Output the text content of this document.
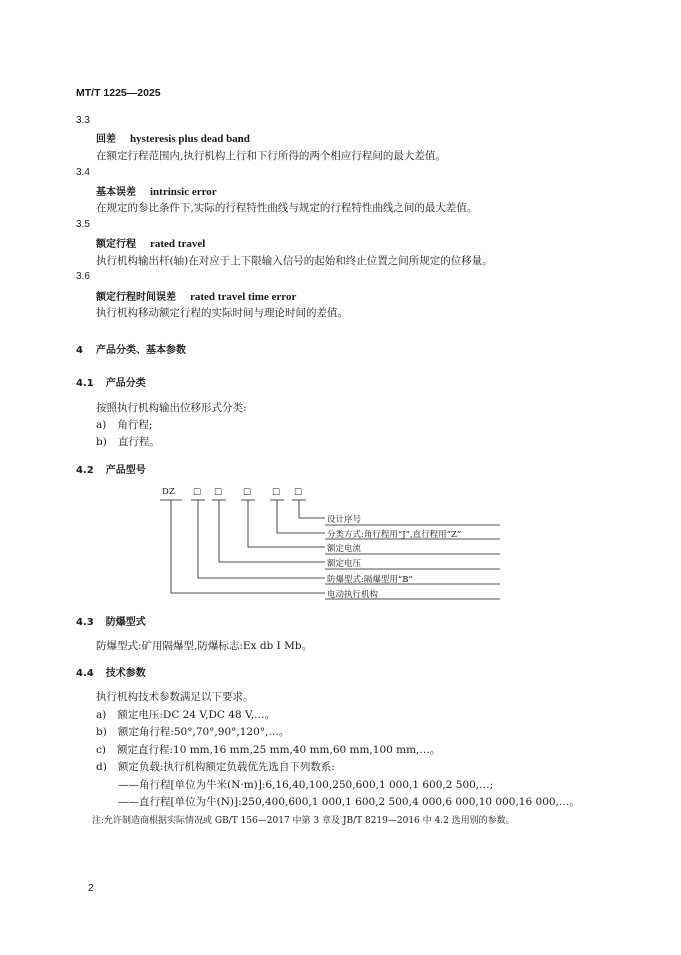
MT/T 1225—2025
3.3
回差 hysteresis plus dead band
在额定行程范围内,执行机构上行和下行所得的两个相应行程间的最大差值。
3.4
基本误差 intrinsic error
在规定的参比条件下,实际的行程特性曲线与规定的行程特性曲线之间的最大差值。
3.5
额定行程 rated travel
执行机构输出杆(轴)在对应于上下限输入信号的起始和终止位置之间所规定的位移量。
3.6
额定行程时间误差 rated travel time error
执行机构移动额定行程的实际时间与理论时间的差值。
4 产品分类、基本参数
4.1 产品分类
按照执行机构输出位移形式分类:
a) 角行程;
b) 直行程。
4.2 产品型号
DZ □ □ □ □ □
设计序号
分类方式:角行程用“J”,直行程用“Z”
额定电流
额定电压
防爆型式:隔爆型用“B”
电动执行机构
4.3 防爆型式
防爆型式:矿用隔爆型,防爆标志:Ex db Ⅰ Mb。
4.4 技术参数
执行机构技术参数满足以下要求。
a) 额定电压:DC 24 V,DC 48 V,…。
b) 额定角行程:50°,70°,90°,120°,…。
c) 额定直行程:10 mm,16 mm,25 mm,40 mm,60 mm,100 mm,…。
d) 额定负载:执行机构额定负载优先选自下列数系:
——角行程[单位为牛米(N·m)]:6,16,40,100,250,600,1 000,1 600,2 500,…;
——直行程[单位为牛(N)]:250,400,600,1 000,1 600,2 500,4 000,6 000,10 000,16 000,…。
注:允许制造商根据实际情况或 GB/T 156—2017 中第 3 章及 JB/T 8219—2016 中 4.2 选用别的参数。
2
